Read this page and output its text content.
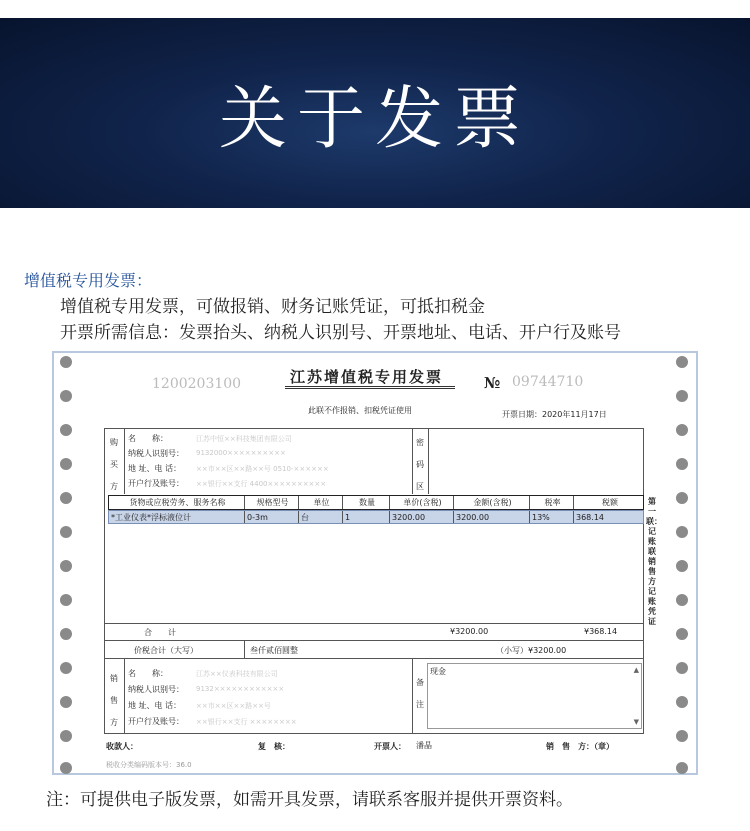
关于发票
增值税专用发票：
增值税专用发票，可做报销、财务记账凭证，可抵扣税金
开票所需信息：发票抬头、纳税人识别号、开票地址、电话、开户行及账号
1200203100	江苏增值税专用发票	№ 09744710
此联不作报销、扣税凭证使用	开票日期：2020年11月17日
购买方
名　　称：	江苏中恒××科技集团有限公司
纳税人识别号： 9132000××××××××××
地 址、电 话： ××市××区××路××号 0510-××××××
开户行及账号： ××银行××支行 4400××××××××××
密码区
货物或应税劳务、服务名称	规格型号	单位	数量	单价(含税)	金额(含税)	税率	税额
*工业仪表*浮标液位计	0-3m	台	1	3200.00	3200.00	13%	368.14
第一联：记账联 销售方记账凭证
合　　计	¥3200.00	¥368.14
价税合计（大写）	叁仟贰佰圆整	（小写）¥3200.00
销售方
名　　称：	江苏××仪表科技有限公司
纳税人识别号： 9132××××××××××××
地 址、电 话： ××市××区××路××号
开户行及账号： ××银行××支行 ××××××××
备注
现金	▲
▼
收款人：	复　核：	开票人： 潘晶	销　售　方：（章）
税收分类编码版本号：36.0
注：可提供电子版发票，如需开具发票，请联系客服并提供开票资料。
